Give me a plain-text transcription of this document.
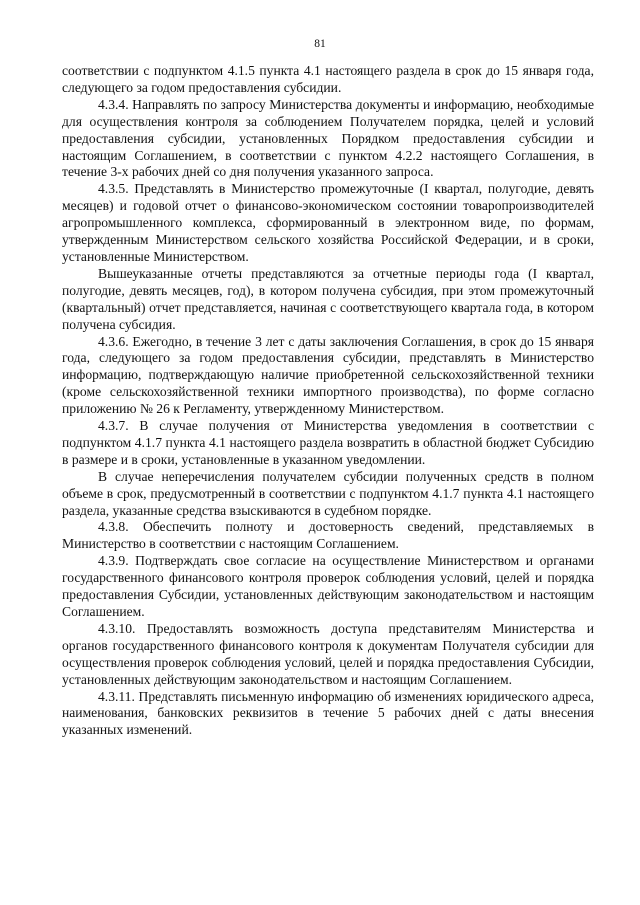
81

соответствии с подпунктом 4.1.5 пункта 4.1 настоящего раздела в срок до 15 января года, следующего за годом предоставления субсидии.

4.3.4. Направлять по запросу Министерства документы и информацию, необходимые для осуществления контроля за соблюдением Получателем порядка, целей и условий предоставления субсидии, установленных Порядком предоставления субсидии и настоящим Соглашением, в соответствии с пунктом 4.2.2 настоящего Соглашения, в течение 3-х рабочих дней со дня получения указанного запроса.

4.3.5. Представлять в Министерство промежуточные (I квартал, полугодие, девять месяцев) и годовой отчет о финансово-экономическом состоянии товаропроизводителей агропромышленного комплекса, сформированный в электронном виде, по формам, утвержденным Министерством сельского хозяйства Российской Федерации, и в сроки, установленные Министерством.

Вышеуказанные отчеты представляются за отчетные периоды года (I квартал, полугодие, девять месяцев, год), в котором получена субсидия, при этом промежуточный (квартальный) отчет представляется, начиная с соответствующего квартала года, в котором получена субсидия.

4.3.6. Ежегодно, в течение 3 лет с даты заключения Соглашения, в срок до 15 января года, следующего за годом предоставления субсидии, представлять в Министерство информацию, подтверждающую наличие приобретенной сельскохозяйственной техники (кроме сельскохозяйственной техники импортного производства), по форме согласно приложению № 26 к Регламенту, утвержденному Министерством.

4.3.7. В случае получения от Министерства уведомления в соответствии с подпунктом 4.1.7 пункта 4.1 настоящего раздела возвратить в областной бюджет Субсидию в размере и в сроки, установленные в указанном уведомлении.

В случае неперечисления получателем субсидии полученных средств в полном объеме в срок, предусмотренный в соответствии с подпунктом 4.1.7 пункта 4.1 настоящего раздела, указанные средства взыскиваются в судебном порядке.

4.3.8. Обеспечить полноту и достоверность сведений, представляемых в Министерство в соответствии с настоящим Соглашением.

4.3.9. Подтверждать свое согласие на осуществление Министерством и органами государственного финансового контроля проверок соблюдения условий, целей и порядка предоставления Субсидии, установленных действующим законодательством и настоящим Соглашением.

4.3.10. Предоставлять возможность доступа представителям Министерства и органов государственного финансового контроля к документам Получателя субсидии для осуществления проверок соблюдения условий, целей и порядка предоставления Субсидии, установленных действующим законодательством и настоящим Соглашением.

4.3.11. Представлять письменную информацию об изменениях юридического адреса, наименования, банковских реквизитов в течение 5 рабочих дней с даты внесения указанных изменений.
